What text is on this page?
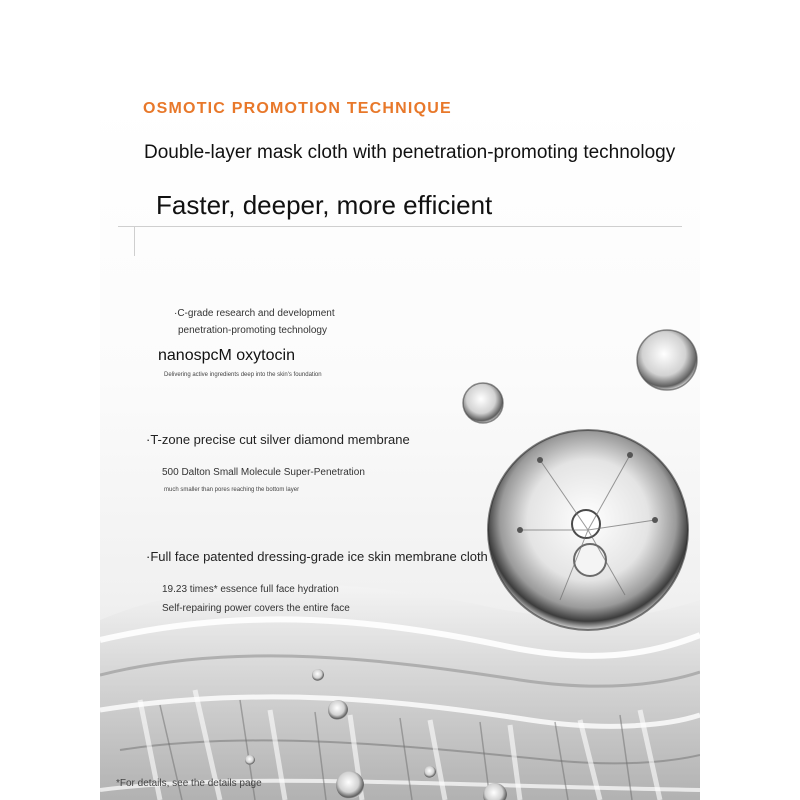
OSMOTIC PROMOTION TECHNIQUE
Double-layer mask cloth with penetration-promoting technology
Faster, deeper, more efficient
·C-grade research and development
penetration-promoting technology
nanospcM oxytocin
Delivering active ingredients deep into the skin's foundation
·T-zone precise cut silver diamond membrane
500 Dalton Small Molecule Super-Penetration
much smaller than pores reaching the bottom layer
·Full face patented dressing-grade ice skin membrane cloth
19.23 times* essence full face hydration
Self-repairing power covers the entire face
*For details, see the details page
